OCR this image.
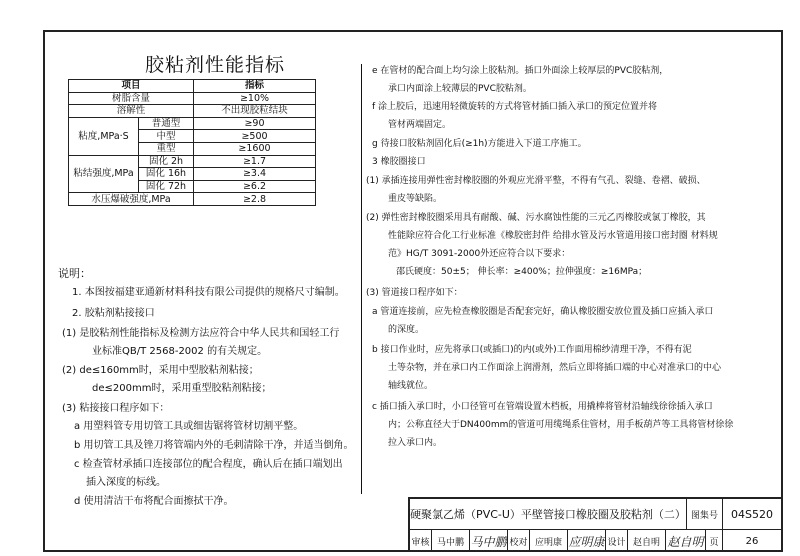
胶粘剂性能指标
项目		指标
树脂含量		≥10%
溶解性		不出现胶粒结块
粘度,MPa·S	普通型	≥90
	中型	≥500
	重型	≥1600
粘结强度,MPa	固化 2h	≥1.7
	固化 16h	≥3.4
	固化 72h	≥6.2
水压爆破强度,MPa		≥2.8
说明：
1. 本图按福建亚通新材料科技有限公司提供的规格尺寸编制。
2. 胶粘剂粘接接口
(1) 是胶粘剂性能指标及检测方法应符合中华人民共和国轻工行
业标准QB/T 2568-2002 的有关规定。
(2) de≤160mm时，采用中型胶粘剂粘接；
de≤200mm时，采用重型胶粘剂粘接；
(3) 粘接接口程序如下：
a 用塑料管专用切管工具或细齿锯将管材切割平整。
b 用切管工具及锉刀将管端内外的毛刺清除干净，并适当倒角。
c 检查管材承插口连接部位的配合程度，确认后在插口端划出
插入深度的标线。
d 使用清洁干布将配合面擦拭干净。
e 在管材的配合面上均匀涂上胶粘剂。插口外面涂上较厚层的PVC胶粘剂，
承口内面涂上较薄层的PVC胶粘剂。
f 涂上胶后，迅速用轻微旋转的方式将管材插口插入承口的预定位置并将
管材两端固定。
g 待接口胶粘剂固化后(≥1h)方能进入下道工序施工。
3 橡胶圈接口
(1) 承插连接用弹性密封橡胶圈的外观应光滑平整，不得有气孔、裂缝、卷褶、破损、
重皮等缺陷。
(2) 弹性密封橡胶圈采用具有耐酸、碱、污水腐蚀性能的三元乙丙橡胶或氯丁橡胶，其
性能除应符合化工行业标准《橡胶密封件 给排水管及污水管道用接口密封圈 材料规
范》HG/T 3091-2000外还应符合以下要求：
邵氏硬度：50±5； 伸长率：≥400%；拉伸强度：≥16MPa；
(3) 管道接口程序如下：
a 管道连接前，应先检查橡胶圈是否配套完好，确认橡胶圈安放位置及插口应插入承口
的深度。
b 接口作业时，应先将承口(或插口)的内(或外)工作面用棉纱清理干净，不得有泥
土等杂物，并在承口内工作面涂上润滑剂，然后立即将插口端的中心对准承口的中心
轴线就位。
c 插口插入承口时，小口径管可在管端设置木档板，用撬棒将管材沿轴线徐徐插入承口
内；公称直径大于DN400mm的管道可用缆绳系住管材，用手板葫芦等工具将管材徐徐
拉入承口内。
硬聚氯乙烯（PVC-U）平壁管接口橡胶圈及胶粘剂（二） 图集号	04S520
审核 马中鹏 马中鹏 校对 应明康 应明康 设计 赵自明 赵自明 页	26
